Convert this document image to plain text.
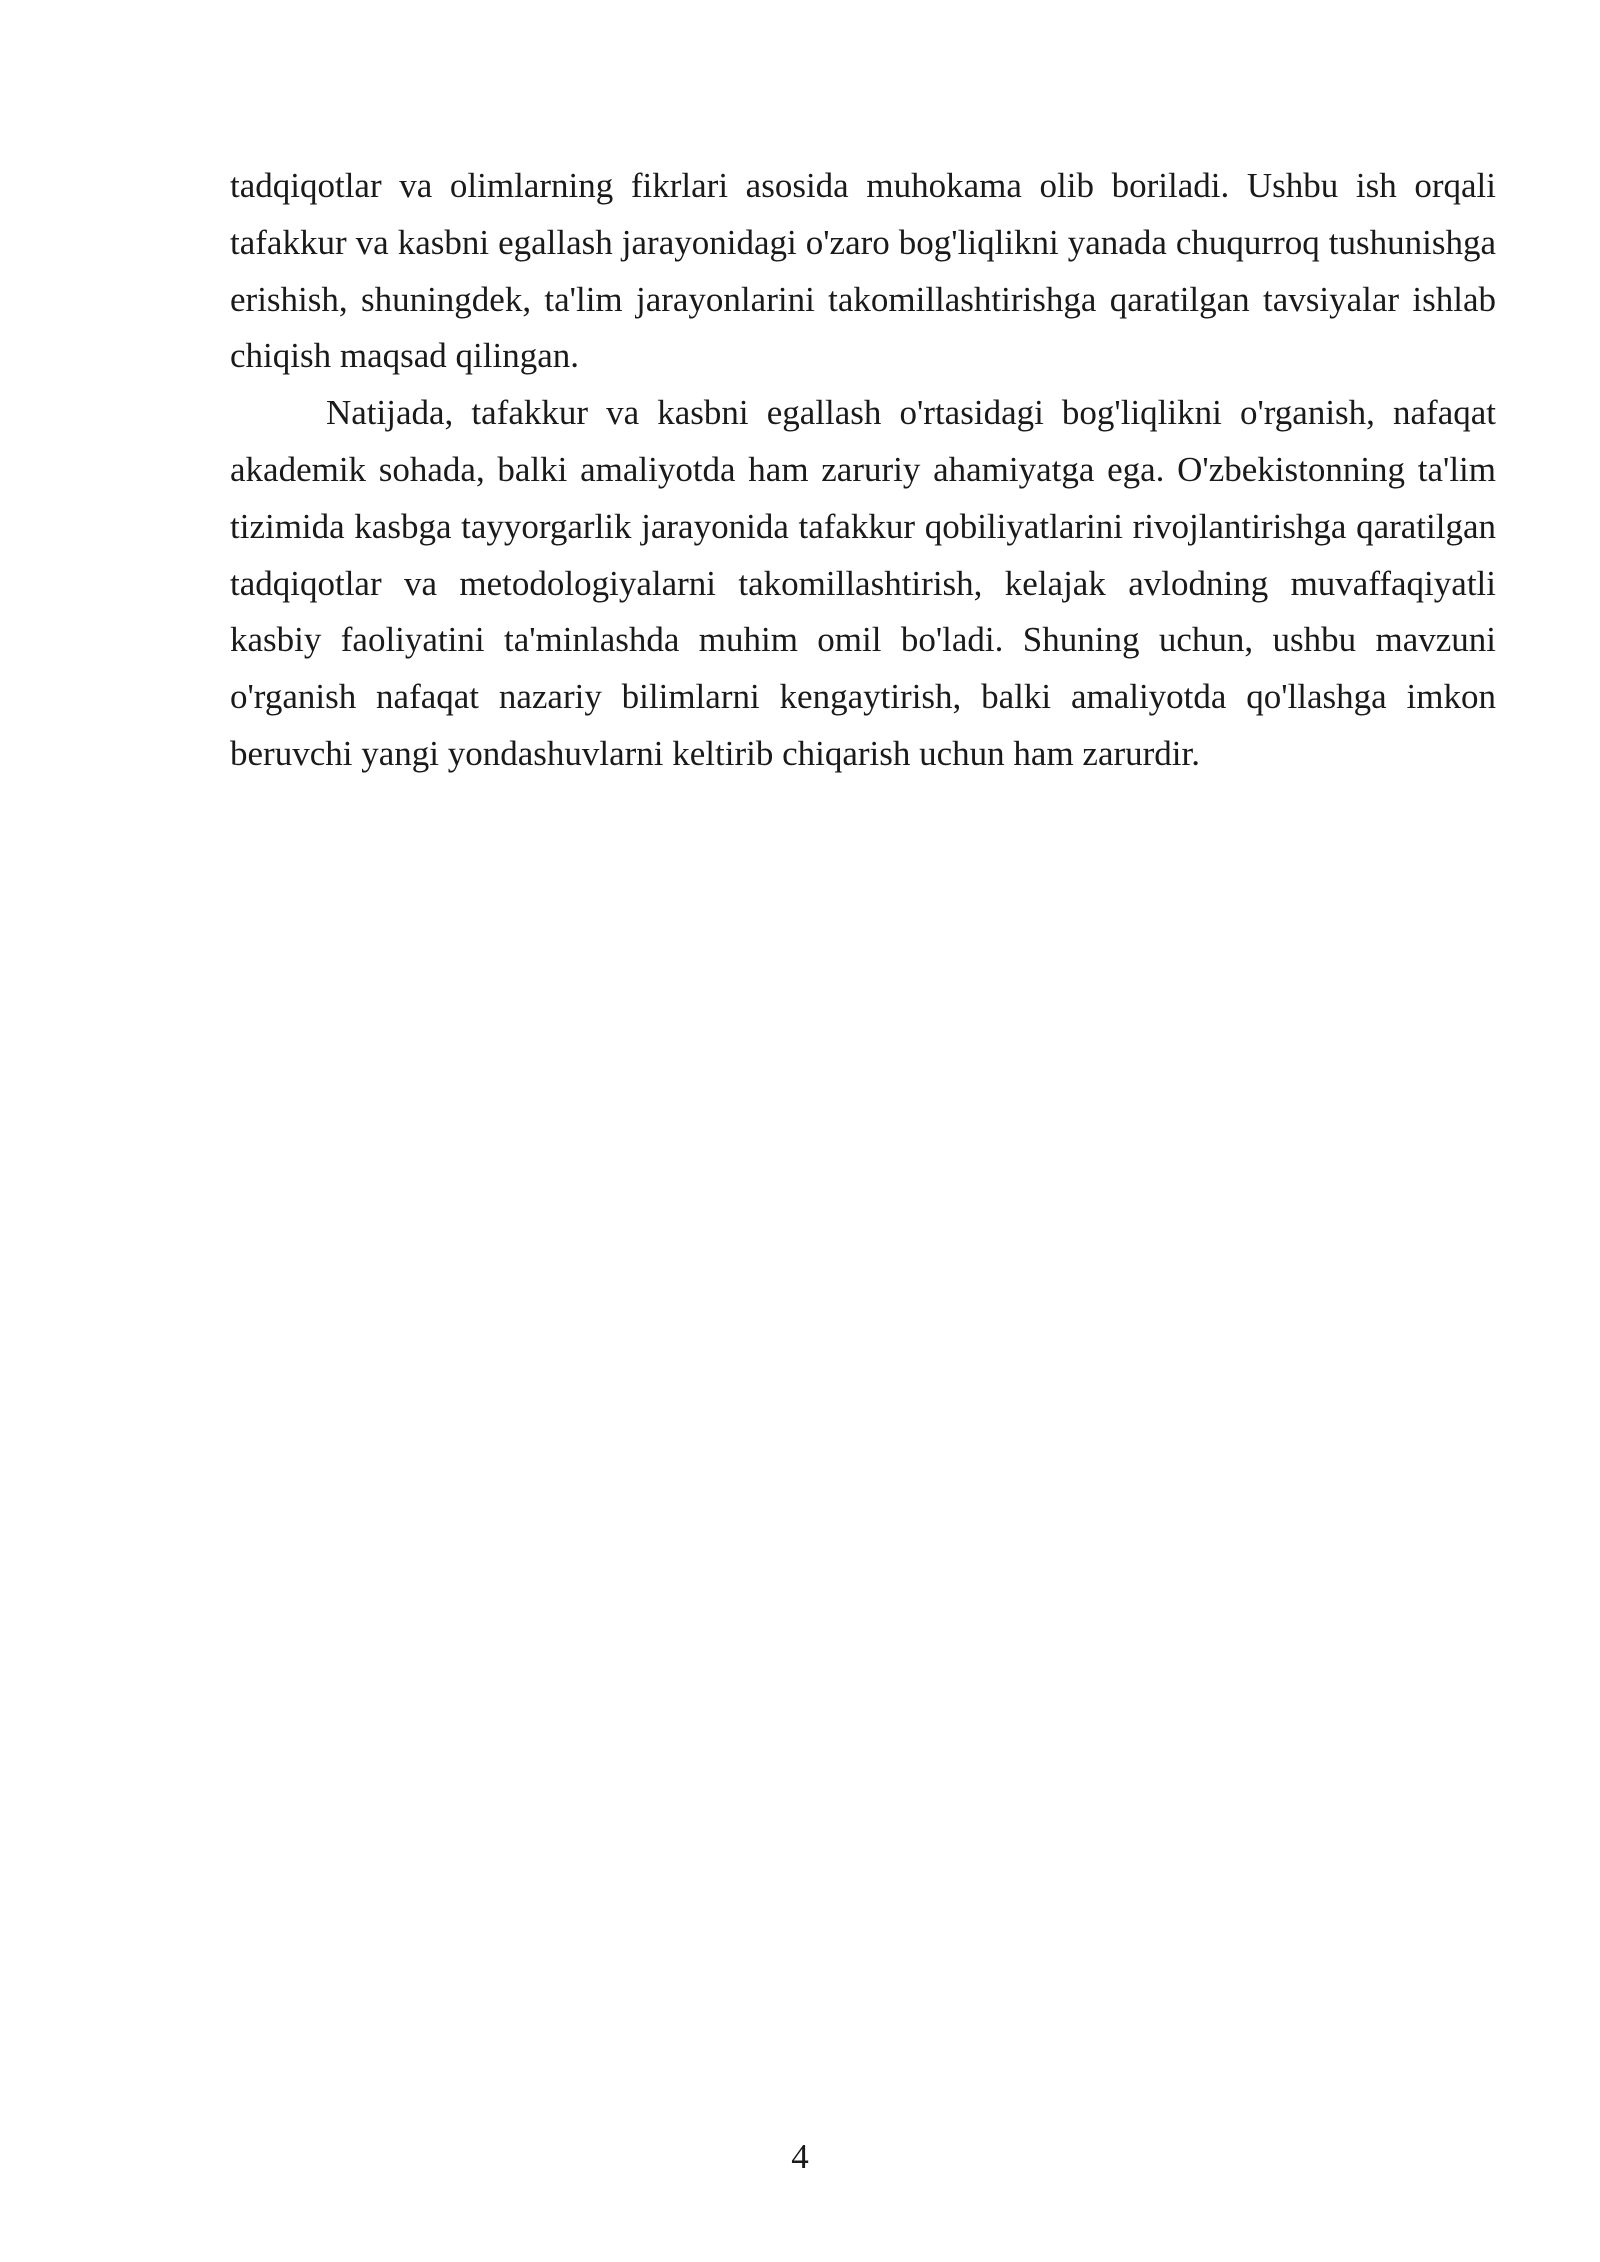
tadqiqotlar va olimlarning fikrlari asosida muhokama olib boriladi. Ushbu ish orqali tafakkur va kasbni egallash jarayonidagi o'zaro bog'liqlikni yanada chuqurroq tushunishga erishish, shuningdek, ta'lim jarayonlarini takomillashtirishga qaratilgan tavsiyalar ishlab chiqish maqsad qilingan.

Natijada, tafakkur va kasbni egallash o'rtasidagi bog'liqlikni o'rganish, nafaqat akademik sohada, balki amaliyotda ham zaruriy ahamiyatga ega. O'zbekistonning ta'lim tizimida kasbga tayyorgarlik jarayonida tafakkur qobiliyatlarini rivojlantirishga qaratilgan tadqiqotlar va metodologiyalarni takomillashtirish, kelajak avlodning muvaffaqiyatli kasbiy faoliyatini ta'minlashda muhim omil bo'ladi. Shuning uchun, ushbu mavzuni o'rganish nafaqat nazariy bilimlarni kengaytirish, balki amaliyotda qo'llashga imkon beruvchi yangi yondashuvlarni keltirib chiqarish uchun ham zarurdir.

4
